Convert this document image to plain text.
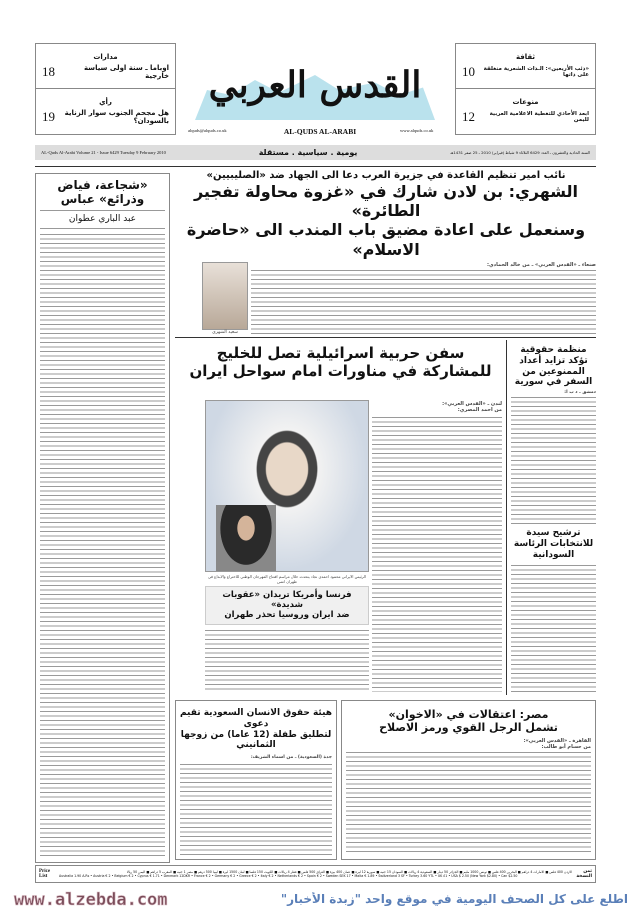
مدارات
اوباما ـ سنة اولى سياسة خارجية
18
رأي
هل مجحم الجنوب سوار الزناية بالسودان؟
19
ثقافة
«ذئب الأربعين»: الـذات الشعرية منغلقة على ذاتها
10
منوعات
ابعد الأحادي للتغطية الاعلامية العربية لليمن
12
القدس العربي
AL-QUDS AL-ARABI
alquds@alquds.co.uk	www.alquds.co.uk
AL-Quds Al-Arabi Volume 21 - Issue 6429 Tuesday 9 February 2010	يومية . سياسية . مستقلة	السنة الحادية والعشرون ـ العدد 6429 الثلاثاء 9 شباط (فبراير) 2010 ـ 25 صفر 1431هـ
«شجاعة، فياض وذرائع» عباس
عبد الباري عطوان
نائب امير تنظيم القاعدة في جزيرة العرب دعا الى الجهاد ضد «الصليبيين»
الشهري: بن لادن شارك في «غزوة محاولة تفجير الطائرة»
وسنعمل على اعادة مضيق باب المندب الى «حاضرة الاسلام»
سعيد الشهري
صنعاء ـ «القدس العربي» ـ من خالد الحمادي:
سفن حربية اسرائيلية تصل للخليج
للمشاركة في مناورات امام سواحل ايران
الرئيس الايراني محمود احمدي نجاد يتحدث خلال مراسم افتتاح المهرجان الوطني للاختراع والابداع في طهران امس
فرنسا وأمريكا تريدان «عقوبات شديدة»
ضد ايران وروسيا تحذر طهران
لندن ـ «القدس العربي»:
من احمد المصري:
منظمة حقوقية تؤكد تزايد أعداد الممنوعين من السفر في سورية
دمشق ـ د ب ا:
ترشيح سيدة للانتخابات الرئاسة السودانية
هيئة حقوق الانسان السعودية تقيم دعوى
لتطليق طفلة (12 عاما) من زوجها الثمانيني
جدة (السعودية) ـ من اسماء الشريف:
مصر: اعتقالات في «الاخوان»
تشمل الرجل القوي ورمز الاصلاح
القاهرة ـ «القدس العربي»:
من حسام أبو طالب:
Price List
الاردن 400 فلس ■ الامارات 4 دراهم ■ البحرين 400 فلس ■ تونس 1000 مليم ■ الجزائر 50 دينار ■ السعودية 4 ريالات ■ السودان 15 جنيه ■ سورية 12 ليرة ■ عمان 400 بيزة ■ العراق 500 فلس ■ قطر 4 ريالات ■ الكويت 150 فلسا ■ لبنان 1500 ليرة ■ ليبيا 500 درهم ■ مصر 1 جنيه ■ المغرب 5 دراهم ■ اليمن 50 ريالا
Australia 1.90 A.Rs • Austria € 2 • Belgium € 2 • Cyprus € 1.71 • Denmark 12DKR • France € 2 • Germany € 2 • Greece € 2 • Italy € 2 • Netherlands € 2 • Spain € 2 • Sweden SEK 17 • Malta € 1.89 • Switzerland 3 SF • Turkey 3.60 YTL • UK £1 • USA $ 2.50 (New York $2.80) • Can $2.50
ثمن النسخة
www.alzebda.com	اطلع على كل الصحف اليومية في موقع واحد "زبدة الأخبار"
